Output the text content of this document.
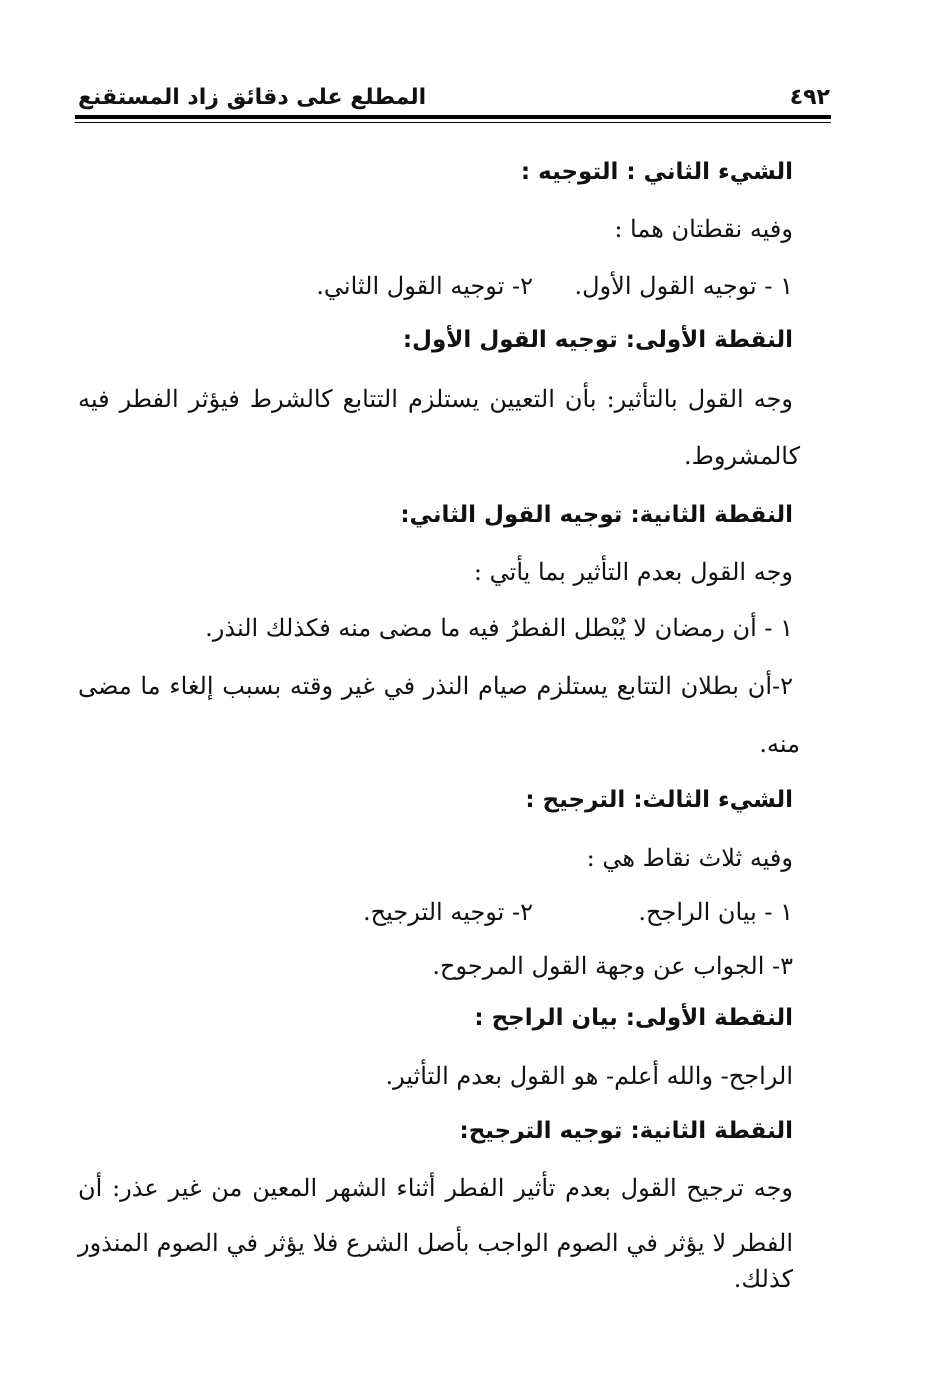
٤٩٢
المطلع على دقائق زاد المستقنع
الشيء الثاني : التوجيه :
وفيه نقطتان هما :
١ - توجيه القول الأول.
٢- توجيه القول الثاني.
النقطة الأولى: توجيه القول الأول:
وجه القول بالتأثير: بأن التعيين يستلزم التتابع كالشرط فيؤثر الفطر فيه
كالمشروط.
النقطة الثانية: توجيه القول الثاني:
وجه القول بعدم التأثير بما يأتي :
١ - أن رمضان لا يُبْطل الفطرُ فيه ما مضى منه فكذلك النذر.
٢-أن بطلان التتابع يستلزم صيام النذر في غير وقته بسبب إلغاء ما مضى
منه.
الشيء الثالث: الترجيح :
وفيه ثلاث نقاط هي :
١ - بيان الراجح.
٢- توجيه الترجيح.
٣- الجواب عن وجهة القول المرجوح.
النقطة الأولى: بيان الراجح :
الراجح- والله أعلم- هو القول بعدم التأثير.
النقطة الثانية: توجيه الترجيح:
وجه ترجيح القول بعدم تأثير الفطر أثناء الشهر المعين من غير عذر: أن
الفطر لا يؤثر في الصوم الواجب بأصل الشرع فلا يؤثر في الصوم المنذور كذلك.
